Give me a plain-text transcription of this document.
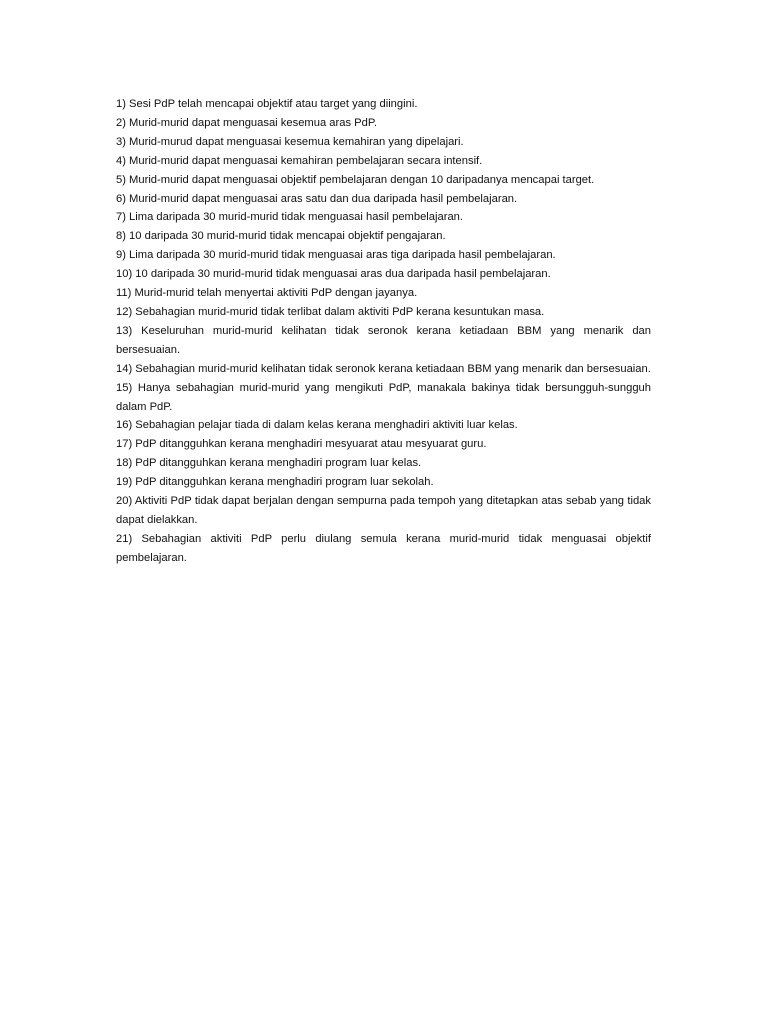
1) Sesi PdP telah mencapai objektif atau target yang diingini.
2) Murid-murid dapat menguasai kesemua aras PdP.
3) Murid-murud dapat menguasai kesemua kemahiran yang dipelajari.
4) Murid-murid dapat menguasai kemahiran pembelajaran secara intensif.
5) Murid-murid dapat menguasai objektif pembelajaran dengan 10 daripadanya mencapai target.
6) Murid-murid dapat menguasai aras satu dan dua daripada hasil pembelajaran.
7) Lima daripada 30 murid-murid tidak menguasai hasil pembelajaran.
8) 10 daripada 30 murid-murid tidak mencapai objektif pengajaran.
9) Lima daripada 30 murid-murid tidak menguasai aras tiga daripada hasil pembelajaran.
10) 10 daripada 30 murid-murid tidak menguasai aras dua daripada hasil pembelajaran.
11) Murid-murid telah menyertai aktiviti PdP dengan jayanya.
12) Sebahagian murid-murid tidak terlibat dalam aktiviti PdP kerana kesuntukan masa.
13) Keseluruhan murid-murid kelihatan tidak seronok kerana ketiadaan BBM yang menarik dan bersesuaian.
14) Sebahagian murid-murid kelihatan tidak seronok kerana ketiadaan BBM yang menarik dan bersesuaian.
15) Hanya sebahagian murid-murid yang mengikuti PdP, manakala bakinya tidak bersungguh-sungguh dalam PdP.
16) Sebahagian pelajar tiada di dalam kelas kerana menghadiri aktiviti luar kelas.
17) PdP ditangguhkan kerana menghadiri mesyuarat atau mesyuarat guru.
18) PdP ditangguhkan kerana menghadiri program luar kelas.
19) PdP ditangguhkan kerana menghadiri program luar sekolah.
20) Aktiviti PdP tidak dapat berjalan dengan sempurna pada tempoh yang ditetapkan atas sebab yang tidak dapat dielakkan.
21) Sebahagian aktiviti PdP perlu diulang semula kerana murid-murid tidak menguasai objektif pembelajaran.
